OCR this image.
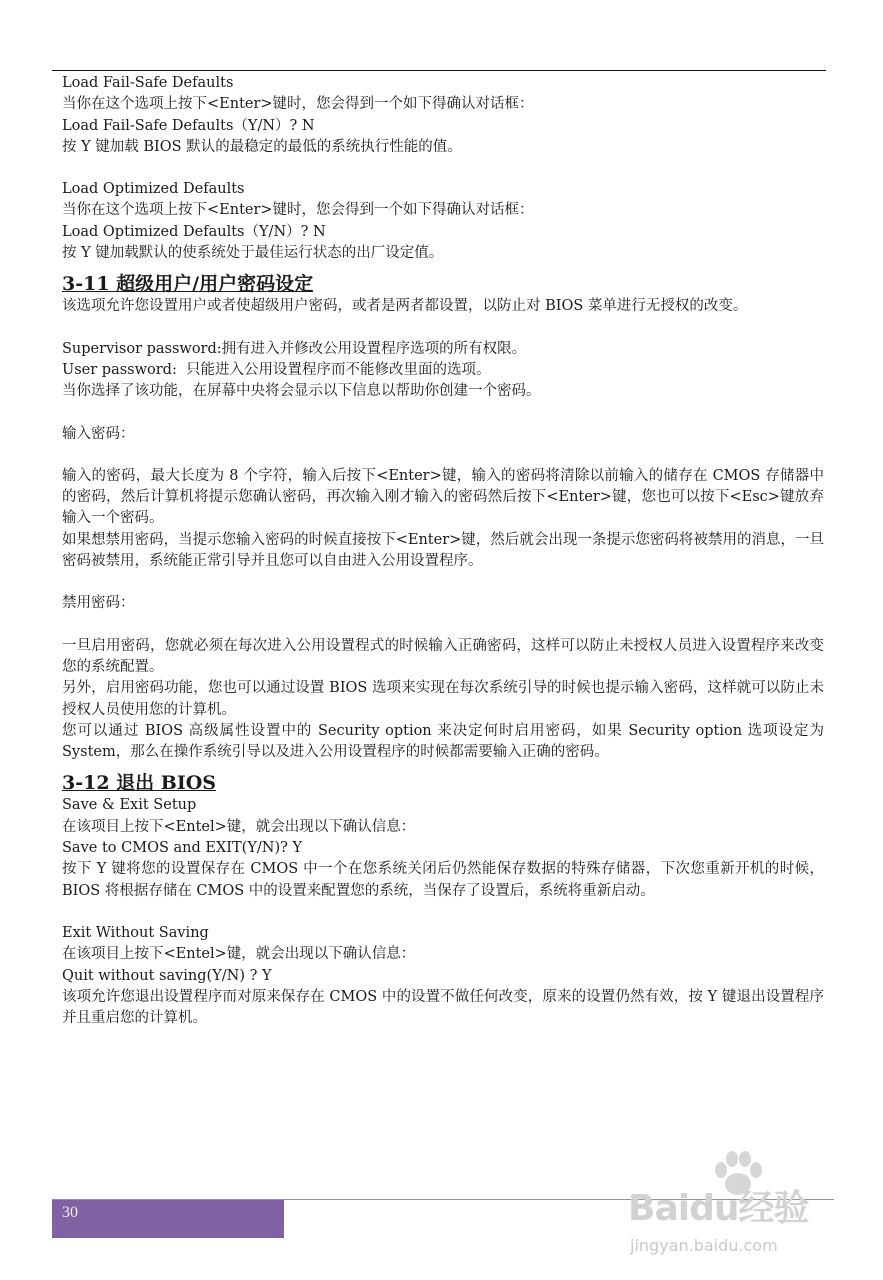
Load Fail-Safe Defaults

当你在这个选项上按下<Enter>键时，您会得到一个如下得确认对话框：

Load Fail-Safe Defaults（Y/N）? N

按 Y 键加载 BIOS 默认的最稳定的最低的系统执行性能的值。

Load Optimized Defaults

当你在这个选项上按下<Enter>键时，您会得到一个如下得确认对话框：

Load Optimized Defaults（Y/N）? N

按 Y 键加载默认的使系统处于最佳运行状态的出厂设定值。

3-11 超级用户/用户密码设定

该选项允许您设置用户或者使超级用户密码，或者是两者都设置，以防止对 BIOS 菜单进行无授权的改变。

Supervisor password:拥有进入并修改公用设置程序选项的所有权限。

User password:  只能进入公用设置程序而不能修改里面的选项。

当你选择了该功能，在屏幕中央将会显示以下信息以帮助你创建一个密码。

输入密码：

输入的密码，最大长度为 8 个字符，输入后按下<Enter>键，输入的密码将清除以前输入的储存在 CMOS 存储器中的密码，然后计算机将提示您确认密码，再次输入刚才输入的密码然后按下<Enter>键，您也可以按下<Esc>键放弃输入一个密码。

如果想禁用密码，当提示您输入密码的时候直接按下<Enter>键，然后就会出现一条提示您密码将被禁用的消息，一旦密码被禁用，系统能正常引导并且您可以自由进入公用设置程序。

禁用密码：

一旦启用密码，您就必须在每次进入公用设置程式的时候输入正确密码，这样可以防止未授权人员进入设置程序来改变您的系统配置。

另外，启用密码功能，您也可以通过设置 BIOS 选项来实现在每次系统引导的时候也提示输入密码，这样就可以防止未授权人员使用您的计算机。

您可以通过 BIOS 高级属性设置中的 Security option 来决定何时启用密码，如果 Security option 选项设定为 System，那么在操作系统引导以及进入公用设置程序的时候都需要输入正确的密码。

3-12 退出 BIOS

Save & Exit Setup

在该项目上按下<Entel>键，就会出现以下确认信息：

Save to CMOS and EXIT(Y/N)? Y

按下 Y 键将您的设置保存在 CMOS 中一个在您系统关闭后仍然能保存数据的特殊存储器，下次您重新开机的时候，BIOS 将根据存储在 CMOS 中的设置来配置您的系统，当保存了设置后，系统将重新启动。

Exit Without Saving

在该项目上按下<Entel>键，就会出现以下确认信息：

Quit without saving(Y/N) ? Y

该项允许您退出设置程序而对原来保存在 CMOS 中的设置不做任何改变，原来的设置仍然有效，按 Y 键退出设置程序并且重启您的计算机。

30	Baidu经验
jingyan.baidu.com
